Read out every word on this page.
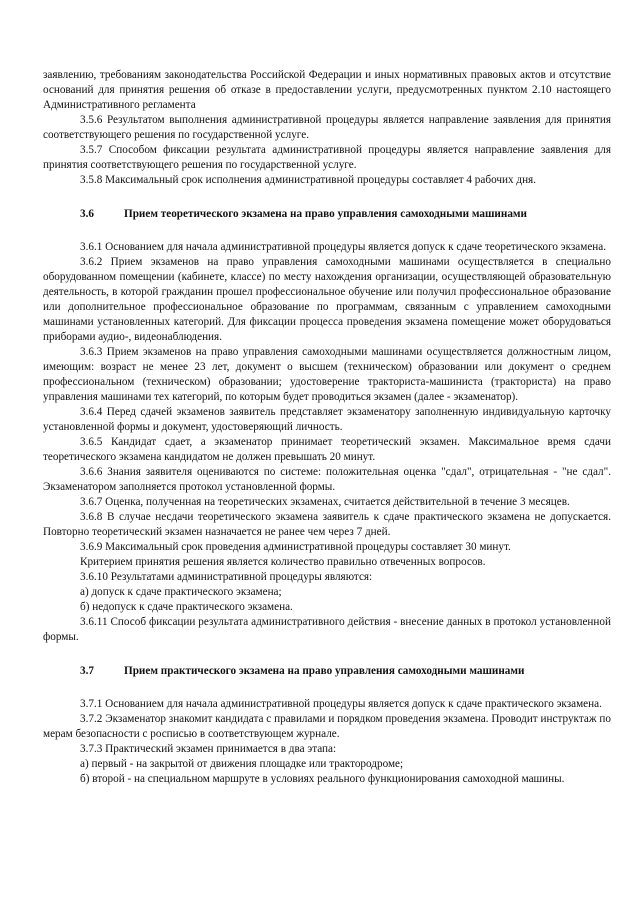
заявлению, требованиям законодательства Российской Федерации и иных нормативных правовых актов и отсутствие оснований для принятия решения об отказе в предоставлении услуги, предусмотренных пунктом 2.10 настоящего Административного регламента

3.5.6 Результатом выполнения административной процедуры является направление заявления для принятия соответствующего решения по государственной услуге.

3.5.7 Способом фиксации результата административной процедуры является направление заявления для принятия соответствующего решения по государственной услуге.

3.5.8 Максимальный срок исполнения административной процедуры составляет 4 рабочих дня.

3.6	Прием теоретического экзамена на право управления самоходными машинами

3.6.1 Основанием для начала административной процедуры является допуск к сдаче теоретического экзамена.

3.6.2 Прием экзаменов на право управления самоходными машинами осуществляется в специально оборудованном помещении (кабинете, классе) по месту нахождения организации, осуществляющей образовательную деятельность, в которой гражданин прошел профессиональное обучение или получил профессиональное образование или дополнительное профессиональное образование по программам, связанным с управлением самоходными машинами установленных категорий. Для фиксации процесса проведения экзамена помещение может оборудоваться приборами аудио-, видеонаблюдения.

3.6.3 Прием экзаменов на право управления самоходными машинами осуществляется должностным лицом, имеющим: возраст не менее 23 лет, документ о высшем (техническом) образовании или документ о среднем профессиональном (техническом) образовании; удостоверение тракториста-машиниста (тракториста) на право управления машинами тех категорий, по которым будет проводиться экзамен (далее - экзаменатор).

3.6.4 Перед сдачей экзаменов заявитель представляет экзаменатору заполненную индивидуальную карточку установленной формы и документ, удостоверяющий личность.

3.6.5 Кандидат сдает, а экзаменатор принимает теоретический экзамен. Максимальное время сдачи теоретического экзамена кандидатом не должен превышать 20 минут.

3.6.6 Знания заявителя оцениваются по системе: положительная оценка "сдал", отрицательная - "не сдал". Экзаменатором заполняется протокол установленной формы.

3.6.7 Оценка, полученная на теоретических экзаменах, считается действительной в течение 3 месяцев.

3.6.8 В случае несдачи теоретического экзамена заявитель к сдаче практического экзамена не допускается. Повторно теоретический экзамен назначается не ранее чем через 7 дней.

3.6.9 Максимальный срок проведения административной процедуры составляет 30 минут.

Критерием принятия решения является количество правильно отвеченных вопросов.

3.6.10 Результатами административной процедуры являются:

а) допуск к сдаче практического экзамена;

б) недопуск к сдаче практического экзамена.

3.6.11 Способ фиксации результата административного действия - внесение данных в протокол установленной формы.

3.7	Прием практического экзамена на право управления самоходными машинами

3.7.1 Основанием для начала административной процедуры является допуск к сдаче практического экзамена.

3.7.2 Экзаменатор знакомит кандидата с правилами и порядком проведения экзамена. Проводит инструктаж по мерам безопасности с росписью в соответствующем журнале.

3.7.3 Практический экзамен принимается в два этапа:

а) первый - на закрытой от движения площадке или трактородроме;

б) второй - на специальном маршруте в условиях реального функционирования самоходной машины.
